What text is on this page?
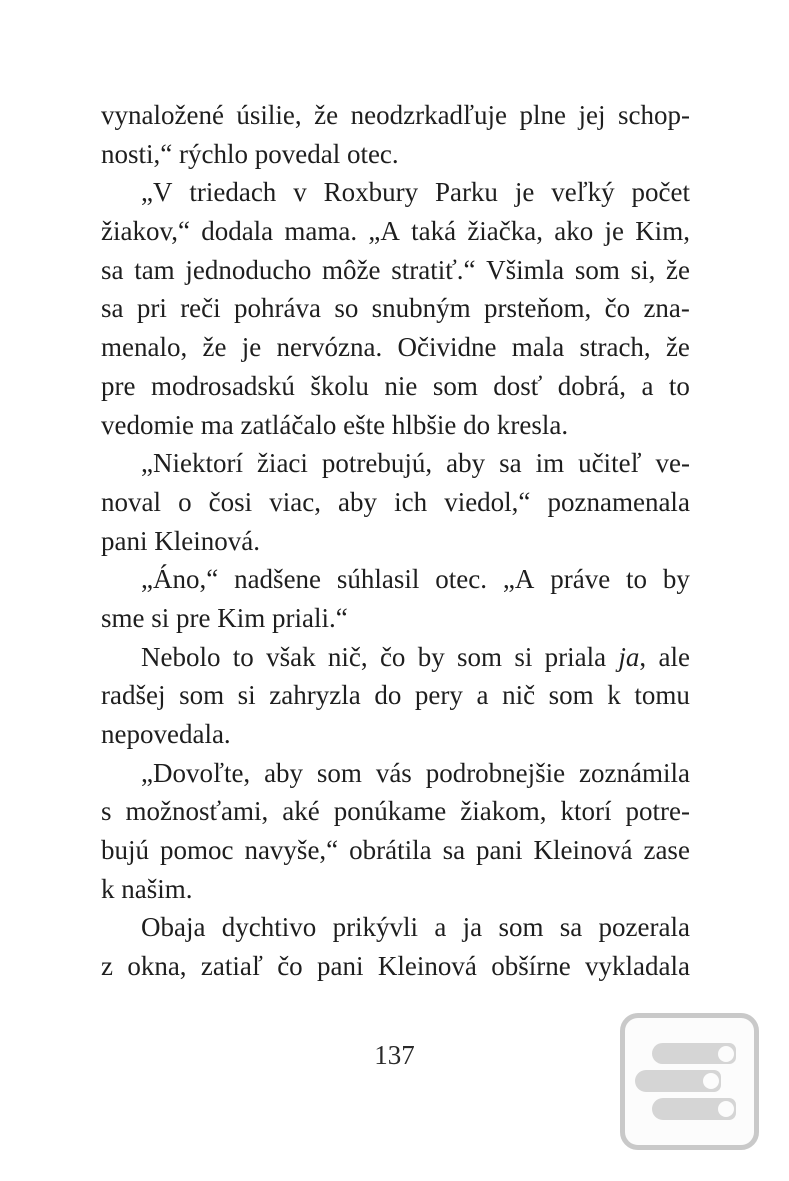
vynaložené úsilie, že neodzrkadľuje plne jej schop-
nosti,“ rýchlo povedal otec.
„V triedach v Roxbury Parku je veľký počet
žiakov,“ dodala mama. „A taká žiačka, ako je Kim,
sa tam jednoducho môže stratiť.“ Všimla som si, že
sa pri reči pohráva so snubným prsteňom, čo zna-
menalo, že je nervózna. Očividne mala strach, že
pre modrosadskú školu nie som dosť dobrá, a to
vedomie ma zatláčalo ešte hlbšie do kresla.
„Niektorí žiaci potrebujú, aby sa im učiteľ ve-
noval o čosi viac, aby ich viedol,“ poznamenala
pani Kleinová.
„Áno,“ nadšene súhlasil otec. „A práve to by
sme si pre Kim priali.“
Nebolo to však nič, čo by som si priala ja, ale
radšej som si zahryzla do pery a nič som k tomu
nepovedala.
„Dovoľte, aby som vás podrobnejšie zoznámila
s možnosťami, aké ponúkame žiakom, ktorí potre-
bujú pomoc navyše,“ obrátila sa pani Kleinová zase
k našim.
Obaja dychtivo prikývli a ja som sa pozerala
z okna, zatiaľ čo pani Kleinová obšírne vykladala
137
